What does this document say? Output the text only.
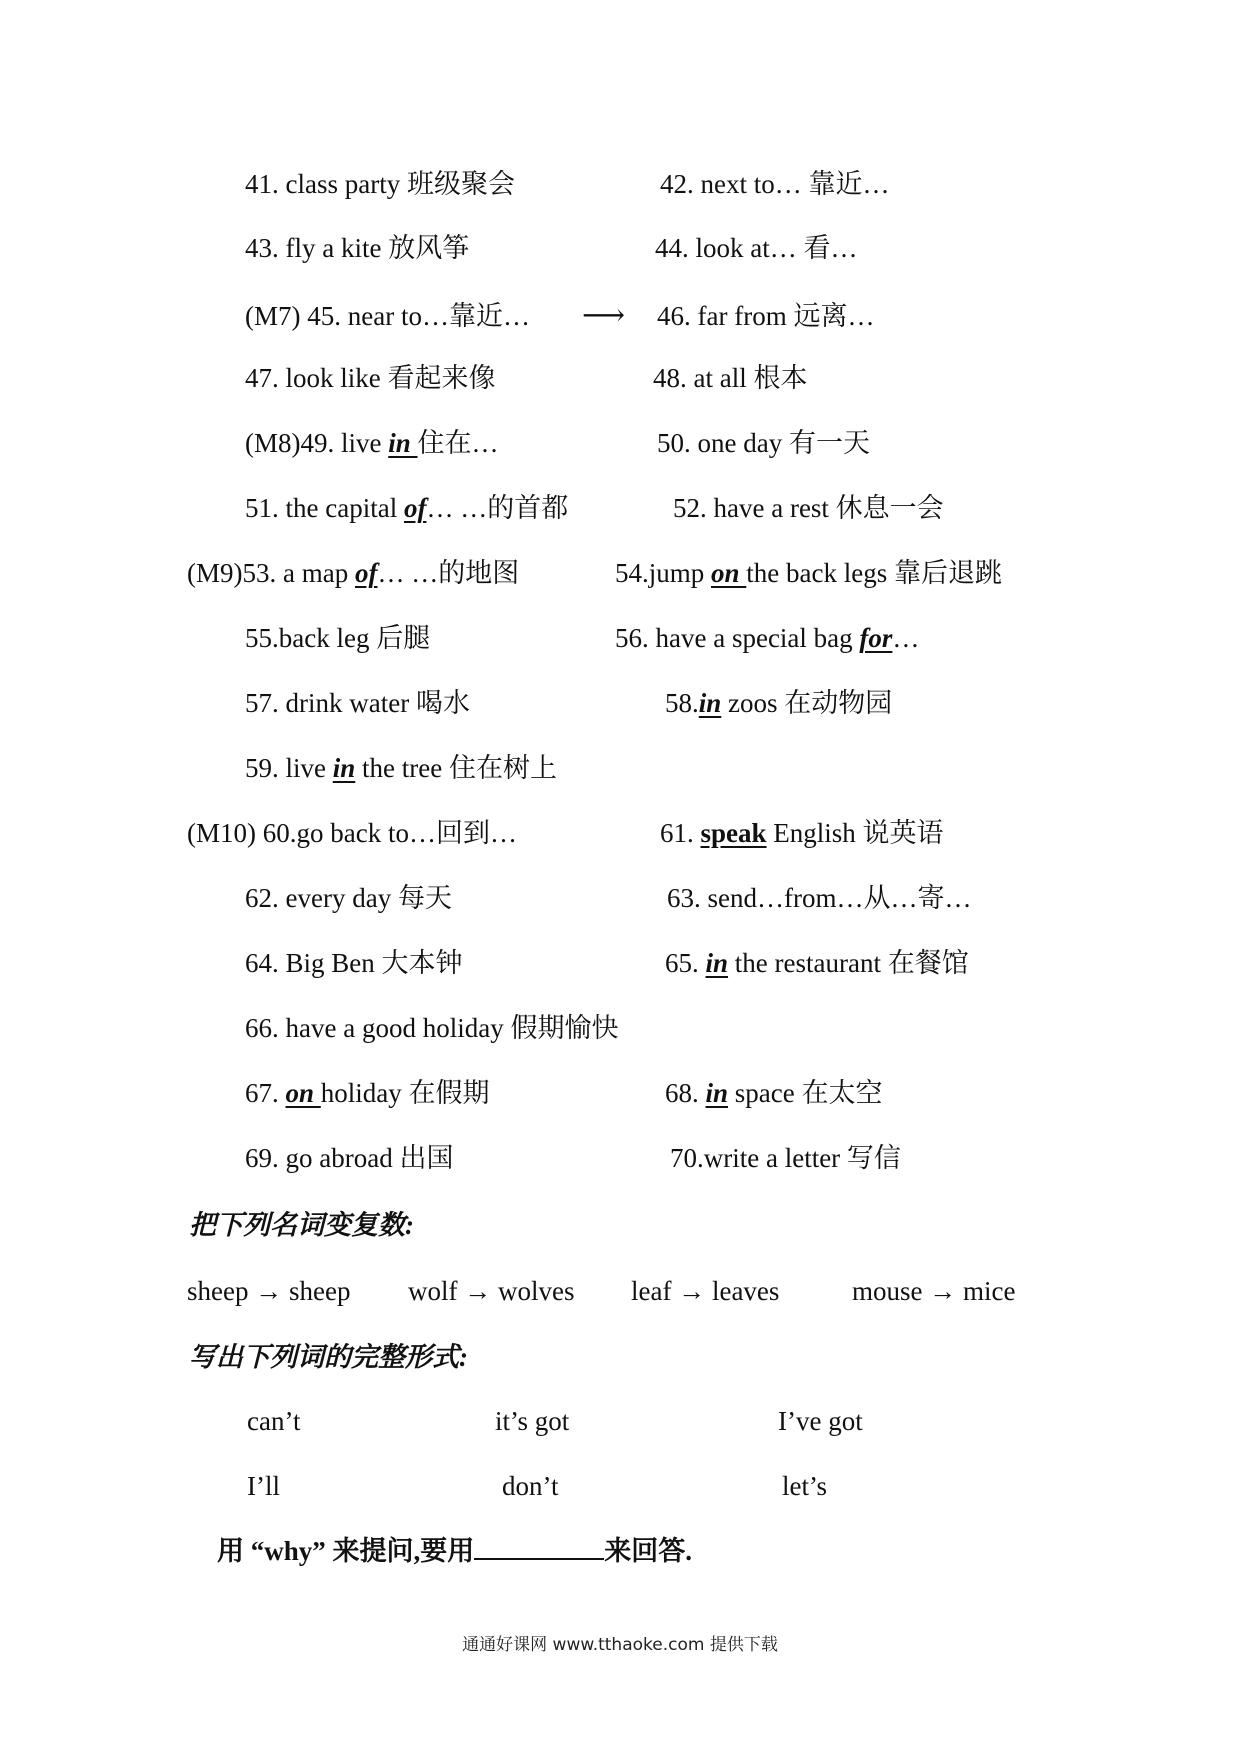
41. class party 班级聚会	42. next to… 靠近…
43. fly a kite 放风筝	44. look at… 看…
(M7) 45. near to…靠近… ⟶ 46. far from 远离…
47. look like 看起来像	48. at all 根本
(M8)49. live in 住在…	50. one day 有一天
51. the capital of… …的首都	52. have a rest 休息一会
(M9)53. a map of… …的地图	54.jump on the back legs 靠后退跳
55.back leg 后腿	56. have a special bag for…
57. drink water 喝水	58.in zoos 在动物园
59. live in the tree 住在树上
(M10) 60.go back to…回到…	61. speak English 说英语
62. every day 每天	63. send…from…从…寄…
64. Big Ben 大本钟	65. in the restaurant 在餐馆
66. have a good holiday 假期愉快
67. on holiday 在假期	68. in space 在太空
69. go abroad 出国	70.write a letter 写信
把下列名词变复数:
sheep → sheep wolf → wolves leaf → leaves	mouse → mice
写出下列词的完整形式:
can’t	it’s got	I’ve got
I’ll	don’t	let’s
用 “why” 来提问,要用	来回答.
通通好课网 www.tthaoke.com 提供下载
